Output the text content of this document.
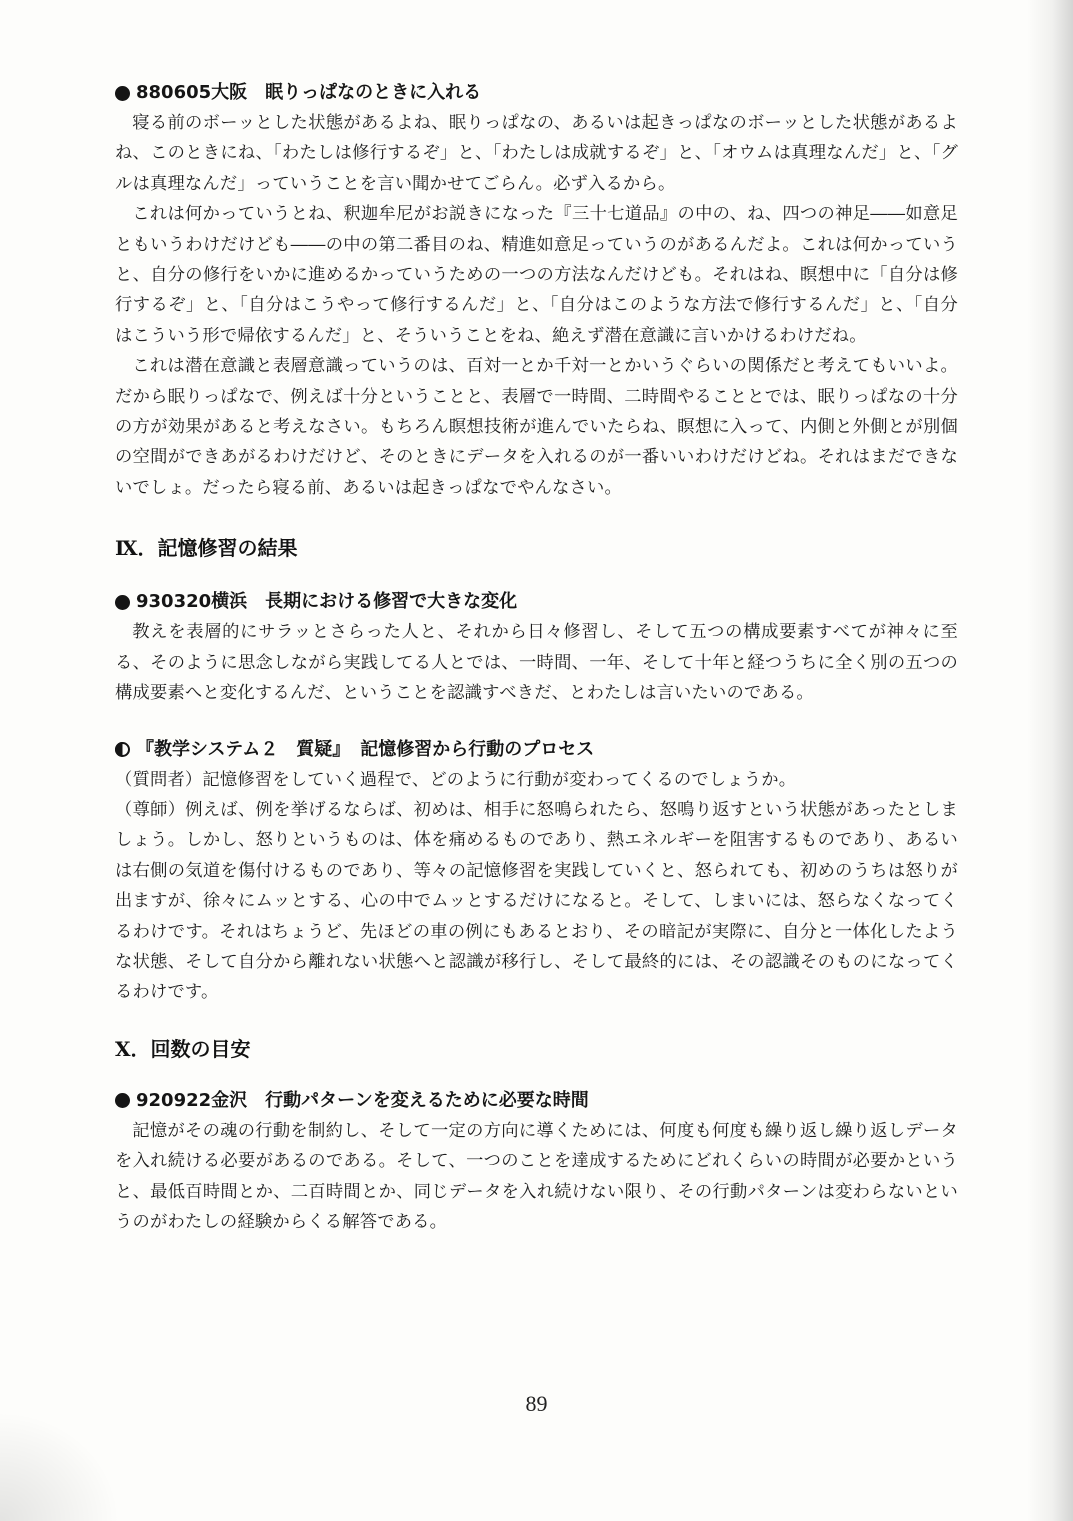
880605大阪 眠りっぱなのときに入れる

寝る前のボーッとした状態があるよね、眠りっぱなの、あるいは起きっぱなのボーッとした状態があるよね、このときにね、「わたしは修行するぞ」と、「わたしは成就するぞ」と、「オウムは真理なんだ」と、「グルは真理なんだ」っていうことを言い聞かせてごらん。必ず入るから。

これは何かっていうとね、釈迦牟尼がお説きになった『三十七道品』の中の、ね、四つの神足――如意足ともいうわけだけども――の中の第二番目のね、精進如意足っていうのがあるんだよ。これは何かっていうと、自分の修行をいかに進めるかっていうための一つの方法なんだけども。それはね、瞑想中に「自分は修行するぞ」と、「自分はこうやって修行するんだ」と、「自分はこのような方法で修行するんだ」と、「自分はこういう形で帰依するんだ」と、そういうことをね、絶えず潜在意識に言いかけるわけだね。

これは潜在意識と表層意識っていうのは、百対一とか千対一とかいうぐらいの関係だと考えてもいいよ。だから眠りっぱなで、例えば十分ということと、表層で一時間、二時間やることとでは、眠りっぱなの十分の方が効果があると考えなさい。もちろん瞑想技術が進んでいたらね、瞑想に入って、内側と外側とが別個の空間ができあがるわけだけど、そのときにデータを入れるのが一番いいわけだけどね。それはまだできないでしょ。だったら寝る前、あるいは起きっぱなでやんなさい。

Ⅸ．記憶修習の結果
930320横浜 長期における修習で大きな変化

教えを表層的にサラッとさらった人と、それから日々修習し、そして五つの構成要素すべてが神々に至る、そのように思念しながら実践してる人とでは、一時間、一年、そして十年と経つうちに全く別の五つの構成要素へと変化するんだ、ということを認識すべきだ、とわたしは言いたいのである。

『教学システム２　質疑』 記憶修習から行動のプロセス

（質問者）記憶修習をしていく過程で、どのように行動が変わってくるのでしょうか。

（尊師）例えば、例を挙げるならば、初めは、相手に怒鳴られたら、怒鳴り返すという状態があったとしましょう。しかし、怒りというものは、体を痛めるものであり、熱エネルギーを阻害するものであり、あるいは右側の気道を傷付けるものであり、等々の記憶修習を実践していくと、怒られても、初めのうちは怒りが出ますが、徐々にムッとする、心の中でムッとするだけになると。そして、しまいには、怒らなくなってくるわけです。それはちょうど、先ほどの車の例にもあるとおり、その暗記が実際に、自分と一体化したような状態、そして自分から離れない状態へと認識が移行し、そして最終的には、その認識そのものになってくるわけです。

Ⅹ．回数の目安
920922金沢 行動パターンを変えるために必要な時間

記憶がその魂の行動を制約し、そして一定の方向に導くためには、何度も何度も繰り返し繰り返しデータを入れ続ける必要があるのである。そして、一つのことを達成するためにどれくらいの時間が必要かというと、最低百時間とか、二百時間とか、同じデータを入れ続けない限り、その行動パターンは変わらないというのがわたしの経験からくる解答である。

89
